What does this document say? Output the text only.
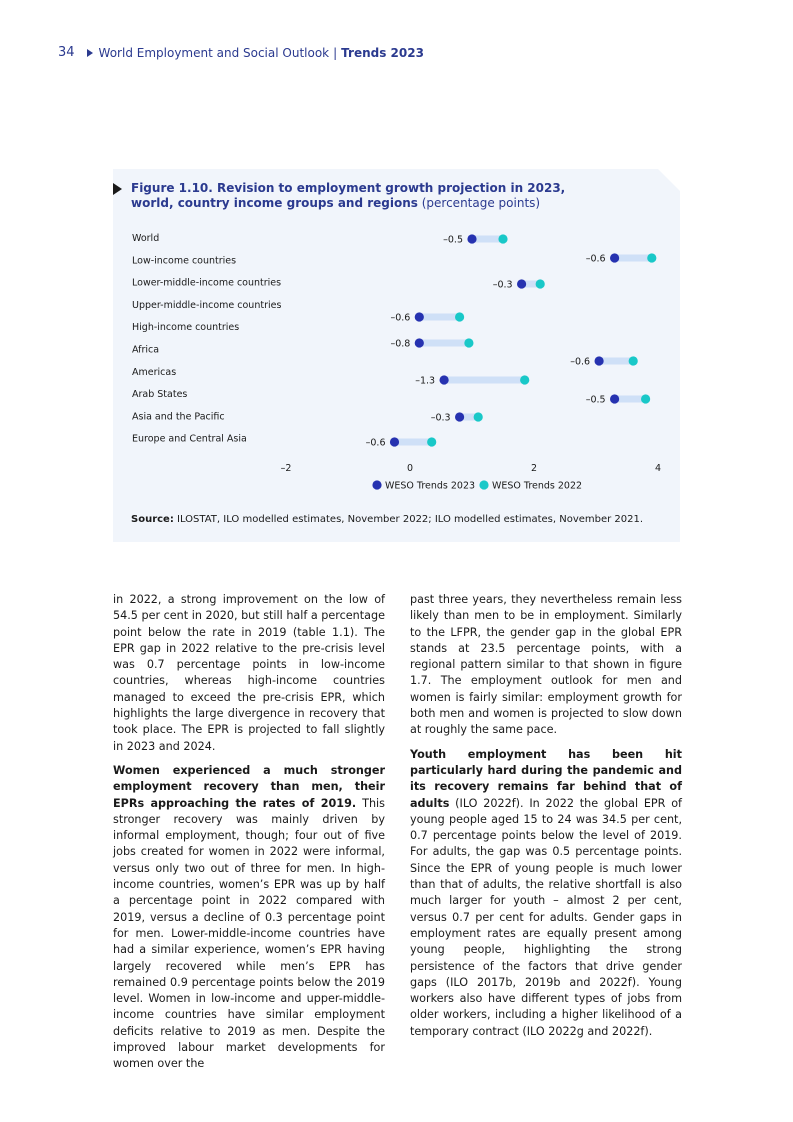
34 World Employment and Social Outlook | Trends 2023
Figure 1.10. Revision to employment growth projection in 2023, world, country income groups and regions (percentage points)
World
Low-income countries
Lower-middle-income countries
Upper-middle-income countries
High-income countries
Africa
Americas
Arab States
Asia and the Pacific
Europe and Central Asia
–2	0	2	4
–0.5
–0.6
–0.3
–0.6
–0.8
–0.6
–1.3
–0.5
–0.3
–0.6
WESO Trends 2023 WESO Trends 2022
Source: ILOSTAT, ILO modelled estimates, November 2022; ILO modelled estimates, November 2021.

in 2022, a strong improvement on the low of 54.5 per cent in 2020, but still half a percentage point below the rate in 2019 (table 1.1). The EPR gap in 2022 relative to the pre-crisis level was 0.7 percentage points in low-income countries, whereas high-income countries managed to exceed the pre-crisis EPR, which highlights the large divergence in recovery that took place. The EPR is projected to fall slightly in 2023 and 2024.

Women experienced a much stronger employment recovery than men, their EPRs approaching the rates of 2019. This stronger recovery was mainly driven by informal employment, though; four out of five jobs created for women in 2022 were informal, versus only two out of three for men. In high-income countries, women’s EPR was up by half a percentage point in 2022 compared with 2019, versus a decline of 0.3 percentage point for men. Lower-middle-income countries have had a similar experience, women’s EPR having largely recovered while men’s EPR has remained 0.9 percentage points below the 2019 level. Women in low-income and upper-middle-income countries have similar employment deficits relative to 2019 as men. Despite the improved labour market developments for women over the

past three years, they nevertheless remain less likely than men to be in employment. Similarly to the LFPR, the gender gap in the global EPR stands at 23.5 percentage points, with a regional pattern similar to that shown in figure 1.7. The employment outlook for men and women is fairly similar: employment growth for both men and women is projected to slow down at roughly the same pace.

Youth employment has been hit particularly hard during the pandemic and its recovery remains far behind that of adults (ILO 2022f). In 2022 the global EPR of young people aged 15 to 24 was 34.5 per cent, 0.7 percentage points below the level of 2019. For adults, the gap was 0.5 percentage points. Since the EPR of young people is much lower than that of adults, the relative shortfall is also much larger for youth – almost 2 per cent, versus 0.7 per cent for adults. Gender gaps in employment rates are equally present among young people, highlighting the strong persistence of the factors that drive gender gaps (ILO 2017b, 2019b and 2022f). Young workers also have different types of jobs from older workers, including a higher likelihood of a temporary contract (ILO 2022g and 2022f).
